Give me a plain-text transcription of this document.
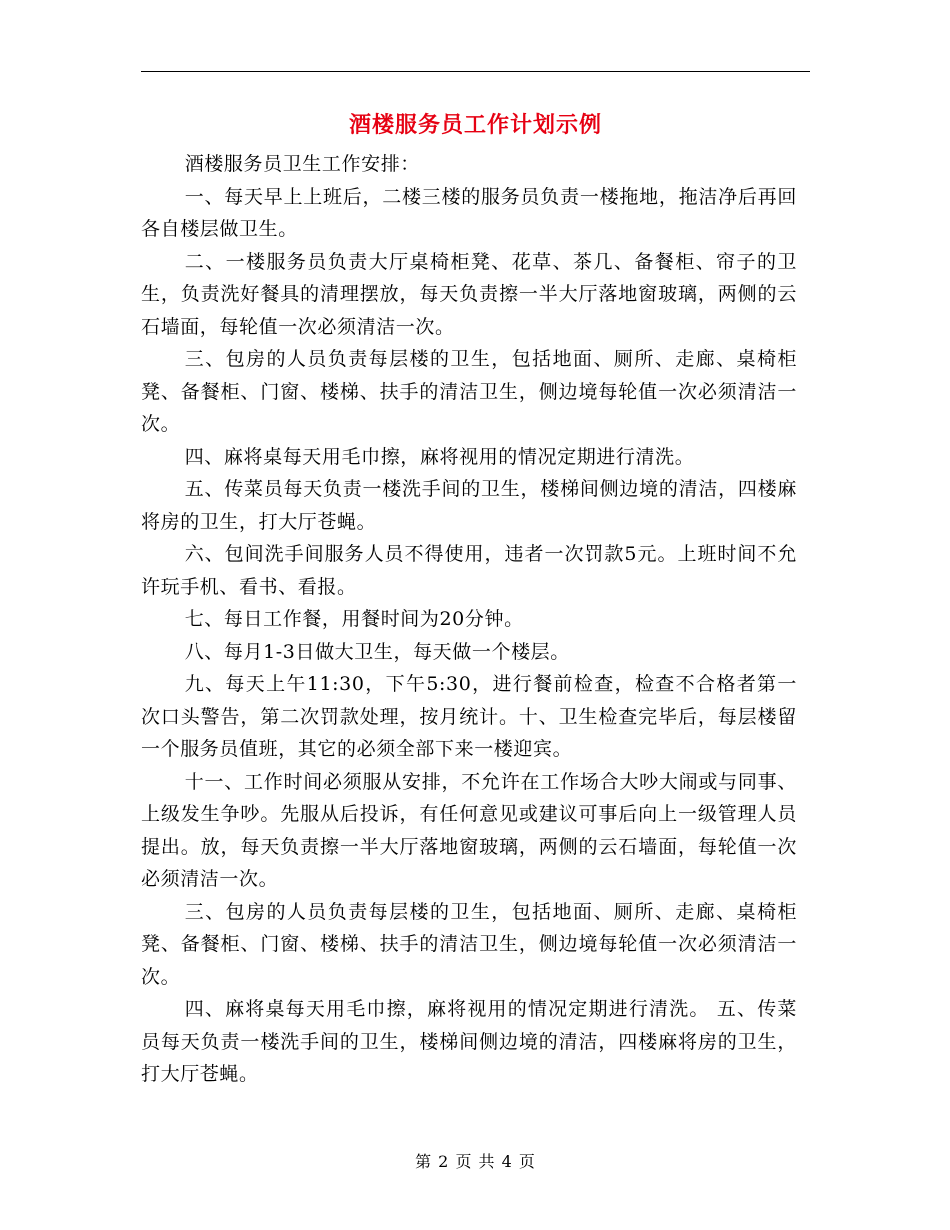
酒楼服务员工作计划示例

酒楼服务员卫生工作安排：

一、每天早上上班后，二楼三楼的服务员负责一楼拖地，拖洁净后再回各自楼层做卫生。

二、一楼服务员负责大厅桌椅柜凳、花草、茶几、备餐柜、帘子的卫生，负责洗好餐具的清理摆放，每天负责擦一半大厅落地窗玻璃，两侧的云石墙面，每轮值一次必须清洁一次。

三、包房的人员负责每层楼的卫生，包括地面、厕所、走廊、桌椅柜凳、备餐柜、门窗、楼梯、扶手的清洁卫生，侧边境每轮值一次必须清洁一次。

四、麻将桌每天用毛巾擦，麻将视用的情况定期进行清洗。

五、传菜员每天负责一楼洗手间的卫生，楼梯间侧边境的清洁，四楼麻将房的卫生，打大厅苍蝇。

六、包间洗手间服务人员不得使用，违者一次罚款5元。上班时间不允许玩手机、看书、看报。

七、每日工作餐，用餐时间为20分钟。

八、每月1-3日做大卫生，每天做一个楼层。

九、每天上午11:30，下午5:30，进行餐前检查，检查不合格者第一次口头警告，第二次罚款处理，按月统计。十、卫生检查完毕后，每层楼留一个服务员值班，其它的必须全部下来一楼迎宾。

十一、工作时间必须服从安排，不允许在工作场合大吵大闹或与同事、上级发生争吵。先服从后投诉，有任何意见或建议可事后向上一级管理人员提出。放，每天负责擦一半大厅落地窗玻璃，两侧的云石墙面，每轮值一次必须清洁一次。

三、包房的人员负责每层楼的卫生，包括地面、厕所、走廊、桌椅柜凳、备餐柜、门窗、楼梯、扶手的清洁卫生，侧边境每轮值一次必须清洁一次。

四、麻将桌每天用毛巾擦，麻将视用的情况定期进行清洗。 五、传菜员每天负责一楼洗手间的卫生，楼梯间侧边境的清洁，四楼麻将房的卫生，打大厅苍蝇。

第 2 页 共 4 页
